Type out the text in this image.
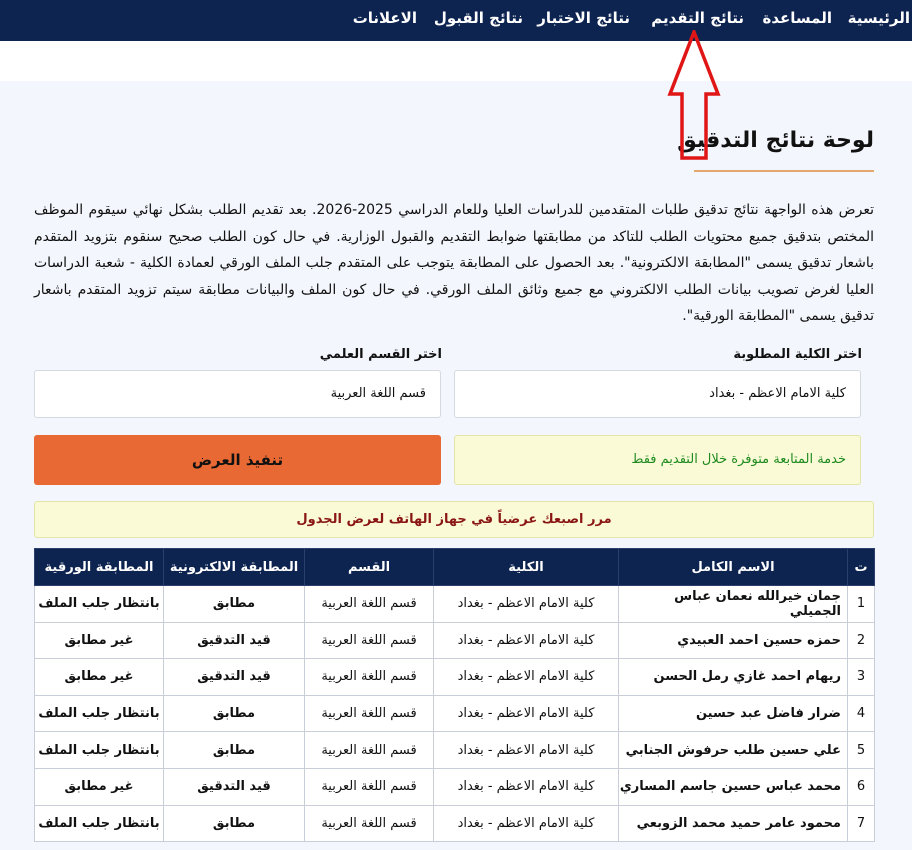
الرئيسية
المساعدة
نتائج التقديم
نتائج الاختبار
نتائج القبول
الاعلانات
لوحة نتائج التدقيق

تعرض هذه الواجهة نتائج تدقيق طلبات المتقدمين للدراسات العليا وللعام الدراسي 2025-2026. بعد تقديم الطلب بشكل نهائي سيقوم الموظف المختص بتدقيق جميع محتويات الطلب للتاكد من مطابقتها ضوابط التقديم والقبول الوزارية. في حال كون الطلب صحيح سنقوم بتزويد المتقدم باشعار تدقيق يسمى "المطابقة الالكترونية". بعد الحصول على المطابقة يتوجب على المتقدم جلب الملف الورقي لعمادة الكلية - شعبة الدراسات العليا لغرض تصويب بيانات الطلب الالكتروني مع جميع وثائق الملف الورقي. في حال كون الملف والبيانات مطابقة سيتم تزويد المتقدم باشعار تدقيق يسمى "المطابقة الورقية".

اختر الكلية المطلوبة
كلية الامام الاعظم - بغداد
اختر القسم العلمي
قسم اللغة العربية
خدمة المتابعة متوفرة خلال التقديم فقط
تنفيذ العرض
مرر اصبعك عرضياً في جهاز الهاتف لعرض الجدول
ت	الاسم الكامل	الكلية	القسم	المطابقة الالكترونية	المطابقة الورقية
1	جمان خيرالله نعمان عباس الجميلي	كلية الامام الاعظم - بغداد	قسم اللغة العربية	مطابق	بانتظار جلب الملف
2	حمزه حسين احمد العبيدي	كلية الامام الاعظم - بغداد	قسم اللغة العربية	قيد التدقيق	غير مطابق
3	ريهام احمد غازي رمل الحسن	كلية الامام الاعظم - بغداد	قسم اللغة العربية	قيد التدقيق	غير مطابق
4	ضرار فاضل عبد حسين	كلية الامام الاعظم - بغداد	قسم اللغة العربية	مطابق	بانتظار جلب الملف
5	علي حسين طلب حرفوش الجنابي	كلية الامام الاعظم - بغداد	قسم اللغة العربية	مطابق	بانتظار جلب الملف
6	محمد عباس حسين جاسم المساري	كلية الامام الاعظم - بغداد	قسم اللغة العربية	قيد التدقيق	غير مطابق
7	محمود عامر حميد محمد الزوبعي	كلية الامام الاعظم - بغداد	قسم اللغة العربية	مطابق	بانتظار جلب الملف
